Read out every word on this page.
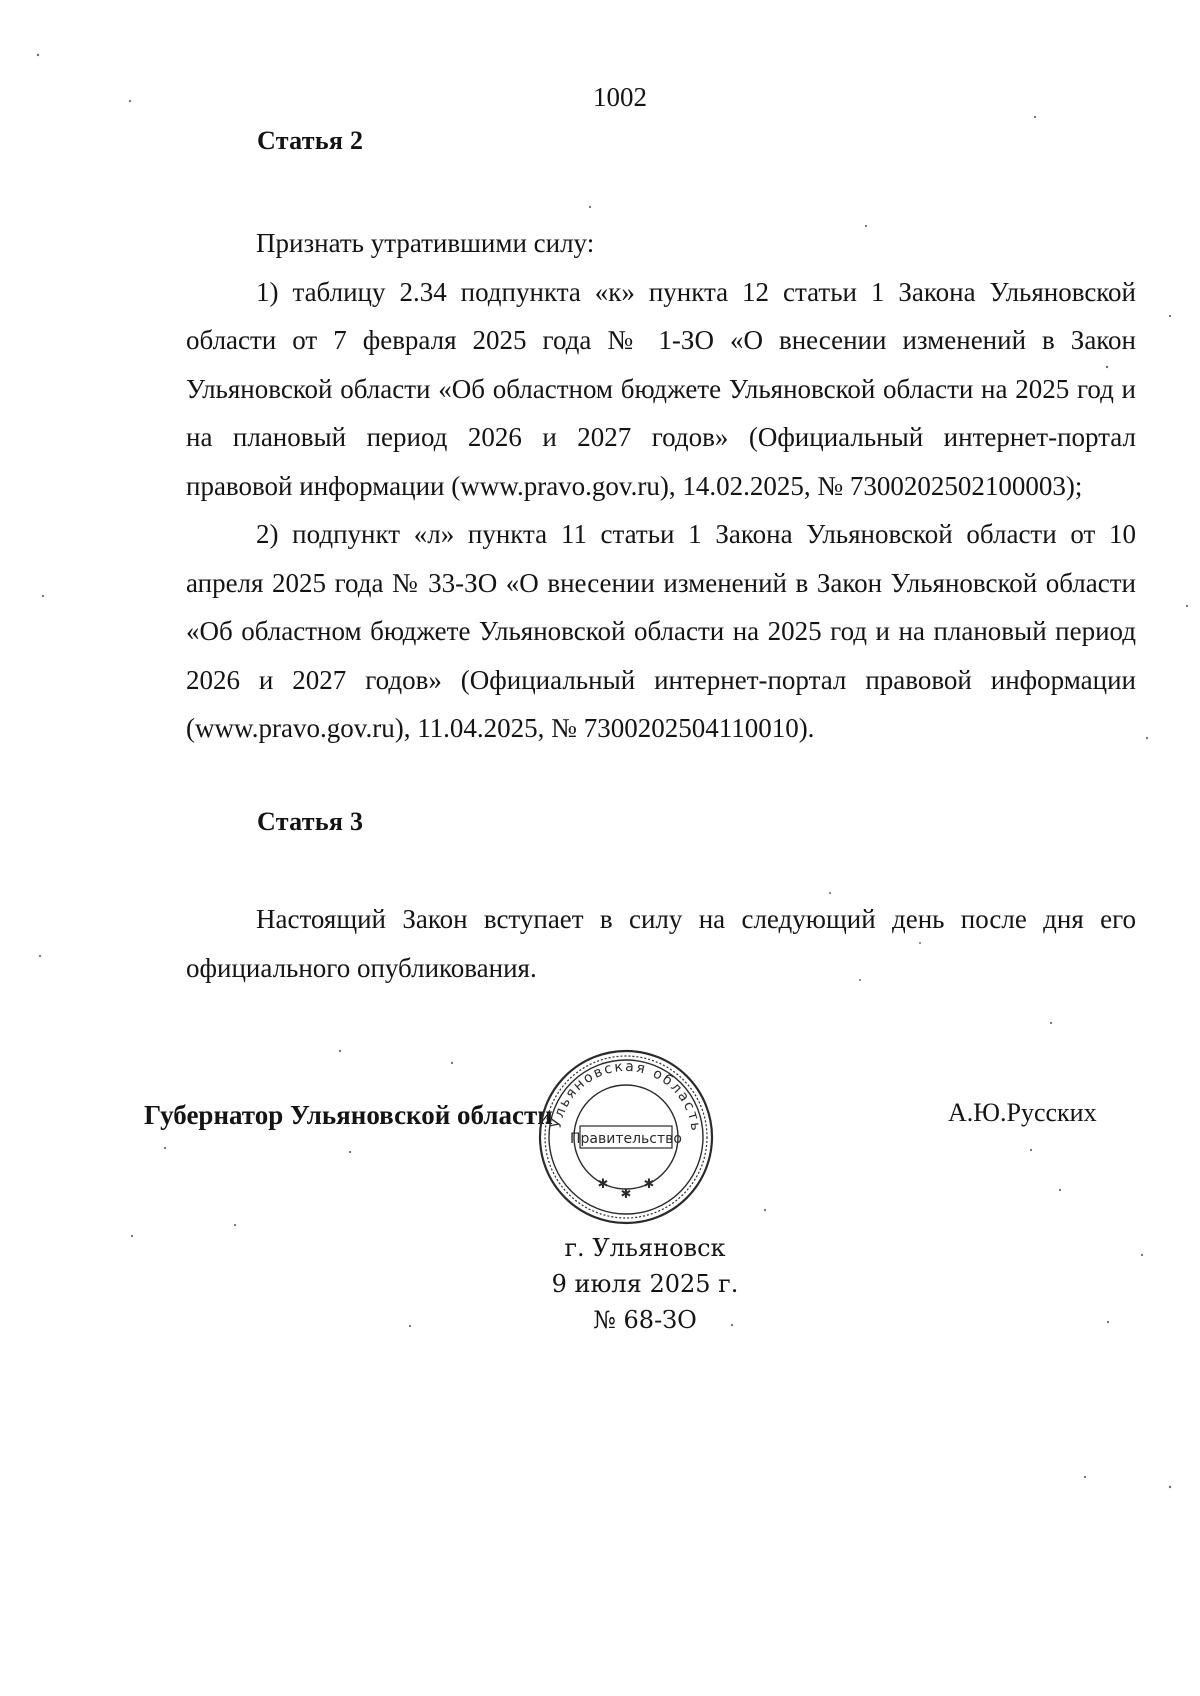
1002
Статья 2

Признать утратившими силу:

1) таблицу 2.34 подпункта «к» пункта 12 статьи 1 Закона Ульяновской области от 7 февраля 2025 года № 1-ЗО «О внесении изменений в Закон Ульяновской области «Об областном бюджете Ульяновской области на 2025 год и на плановый период 2026 и 2027 годов» (Официальный интернет-портал правовой информации (www.pravo.gov.ru), 14.02.2025, № 7300202502100003);

2) подпункт «л» пункта 11 статьи 1 Закона Ульяновской области от 10 апреля 2025 года № 33-ЗО «О внесении изменений в Закон Ульяновской области «Об областном бюджете Ульяновской области на 2025 год и на плановый период 2026 и 2027 годов» (Официальный интернет-портал правовой информации (www.pravo.gov.ru), 11.04.2025, № 7300202504110010).

Статья 3

Настоящий Закон вступает в силу на следующий день после дня его официального опубликования.

Губернатор Ульяновской области	А.Ю.Русских
Правительство
Ульяновская область
✱
✱
✱
г. Ульяновск
9 июля 2025 г.
№ 68-ЗО
